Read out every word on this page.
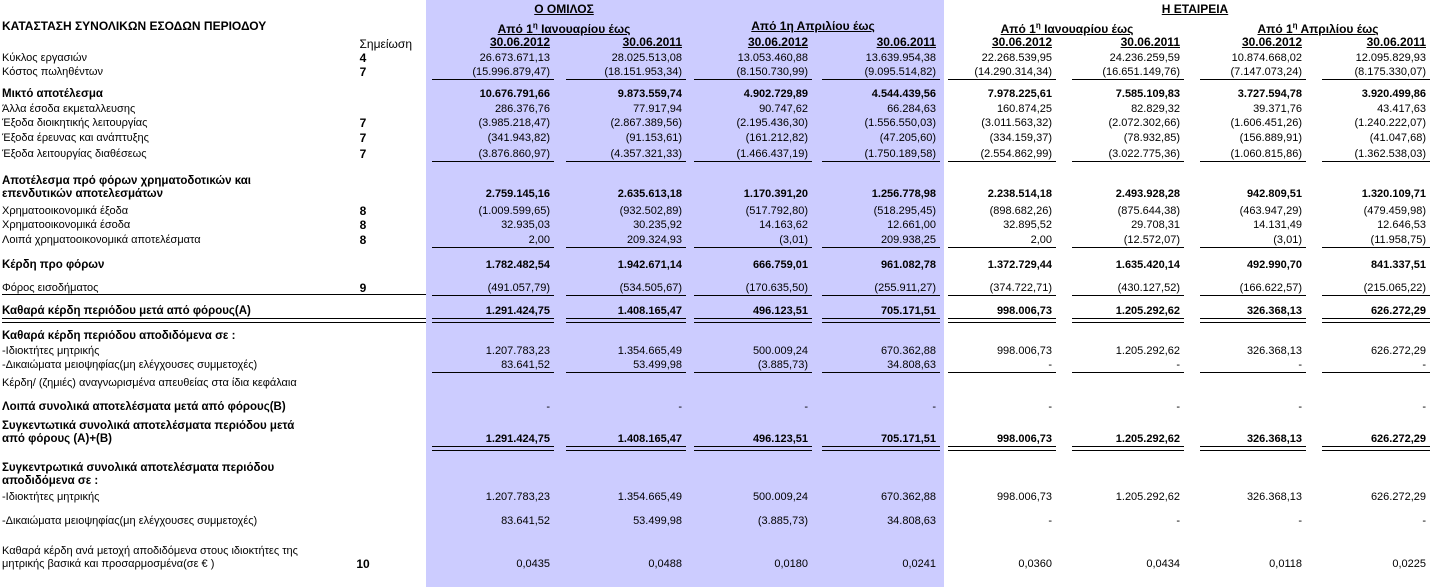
ΚΑΤΑΣΤΑΣΗ ΣΥΝΟΛΙΚΩΝ ΕΣΟΔΩΝ ΠΕΡΙΟΔΟΥ
Σημείωση
Ο ΟΜΙΛΟΣ	Η ΕΤΑΙΡΕΙΑ
Από $1^\eta$ Ιανουαρίου έως	Από 1η Απριλίου έως	Από $1^\eta$ Ιανουαρίου έως	Από $1^\eta$ Απριλίου έως
30.06.2012	30.06.2011	30.06.2012	30.06.2011	30.06.2012	30.06.2011	30.06.2012	30.06.2011
Κύκλος εργασιών	4	26.673.671,13	28.025.513,08	13.053.460,88	13.639.954,38	22.268.539,95	24.236.259,59	10.874.668,02	12.095.829,93
Κόστος πωληθέντων	7	(15.996.879,47)	(18.151.953,34)	(8.150.730,99)	(9.095.514,82)	(14.290.314,34)	(16.651.149,76)	(7.147.073,24)	(8.175.330,07)
Μικτό αποτέλεσμα	10.676.791,66	9.873.559,74	4.902.729,89	4.544.439,56	7.978.225,61	7.585.109,83	3.727.594,78	3.920.499,86
Άλλα έσοδα εκμεταλλευσης	286.376,76	77.917,94	90.747,62	66.284,63	160.874,25	82.829,32	39.371,76	43.417,63
Έξοδα διοικητικής λειτουργίας	7	(3.985.218,47)	(2.867.389,56)	(2.195.436,30)	(1.556.550,03)	(3.011.563,32)	(2.072.302,66)	(1.606.451,26)	(1.240.222,07)
Έξοδα έρευνας και ανάπτυξης	7	(341.943,82)	(91.153,61)	(161.212,82)	(47.205,60)	(334.159,37)	(78.932,85)	(156.889,91)	(41.047,68)
Έξοδα λειτουργίας διαθέσεως	7	(3.876.860,97)	(4.357.321,33)	(1.466.437,19)	(1.750.189,58)	(2.554.862,99)	(3.022.775,36)	(1.060.815,86)	(1.362.538,03)
Αποτέλεσμα πρό φόρων χρηματοδοτικών και
επενδυτικών αποτελεσμάτων	2.759.145,16	2.635.613,18	1.170.391,20	1.256.778,98	2.238.514,18	2.493.928,28	942.809,51	1.320.109,71
Χρηματοοικονομικά έξοδα	8	(1.009.599,65)	(932.502,89)	(517.792,80)	(518.295,45)	(898.682,26)	(875.644,38)	(463.947,29)	(479.459,98)
Χρηματοοικονομικά έσοδα	8	32.935,03	30.235,92	14.163,62	12.661,00	32.895,52	29.708,31	14.131,49	12.646,53
Λοιπά χρηματοοικονομικά αποτελέσματα	8	2,00	209.324,93	(3,01)	209.938,25	2,00	(12.572,07)	(3,01)	(11.958,75)
Κέρδη προ φόρων	1.782.482,54	1.942.671,14	666.759,01	961.082,78	1.372.729,44	1.635.420,14	492.990,70	841.337,51
Φόρος εισοδήματος	9	(491.057,79)	(534.505,67)	(170.635,50)	(255.911,27)	(374.722,71)	(430.127,52)	(166.622,57)	(215.065,22)
Καθαρά κέρδη περιόδου μετά από φόρους(Α)	1.291.424,75	1.408.165,47	496.123,51	705.171,51	998.006,73	1.205.292,62	326.368,13	626.272,29
Καθαρά κέρδη περιόδου αποδιδόμενα σε :
-Ιδιοκτήτες μητρικής	1.207.783,23	1.354.665,49	500.009,24	670.362,88	998.006,73	1.205.292,62	326.368,13	626.272,29
-Δικαιώματα μειοψηφίας(μη ελέγχουσες συμμετοχές)	83.641,52	53.499,98	(3.885,73)	34.808,63	-	-	-	-
Κέρδη/ (ζημιές) αναγνωρισμένα απευθείας στα ίδια κεφάλαια
Λοιπά συνολικά αποτελέσματα μετά από φόρους(Β)	-	-	-	-	-	-	-	-
Συγκεντωτικά συνολικά αποτελέσματα περιόδου μετά
από φόρους (Α)+(Β)	1.291.424,75	1.408.165,47	496.123,51	705.171,51	998.006,73	1.205.292,62	326.368,13	626.272,29
Συγκεντρωτικά συνολικά αποτελέσματα περιόδου
αποδιδόμενα σε :
-Ιδιοκτήτες μητρικής	1.207.783,23	1.354.665,49	500.009,24	670.362,88	998.006,73	1.205.292,62	326.368,13	626.272,29
-Δικαιώματα μειοψηφίας(μη ελέγχουσες συμμετοχές)	83.641,52	53.499,98	(3.885,73)	34.808,63	-	-	-	-
Καθαρά κέρδη ανά μετοχή αποδιδόμενα στους ιδιοκτήτες της
μητρικής βασικά και προσαρμοσμένα(σε € )	10	0,0435	0,0488	0,0180	0,0241	0,0360	0,0434	0,0118	0,0225
